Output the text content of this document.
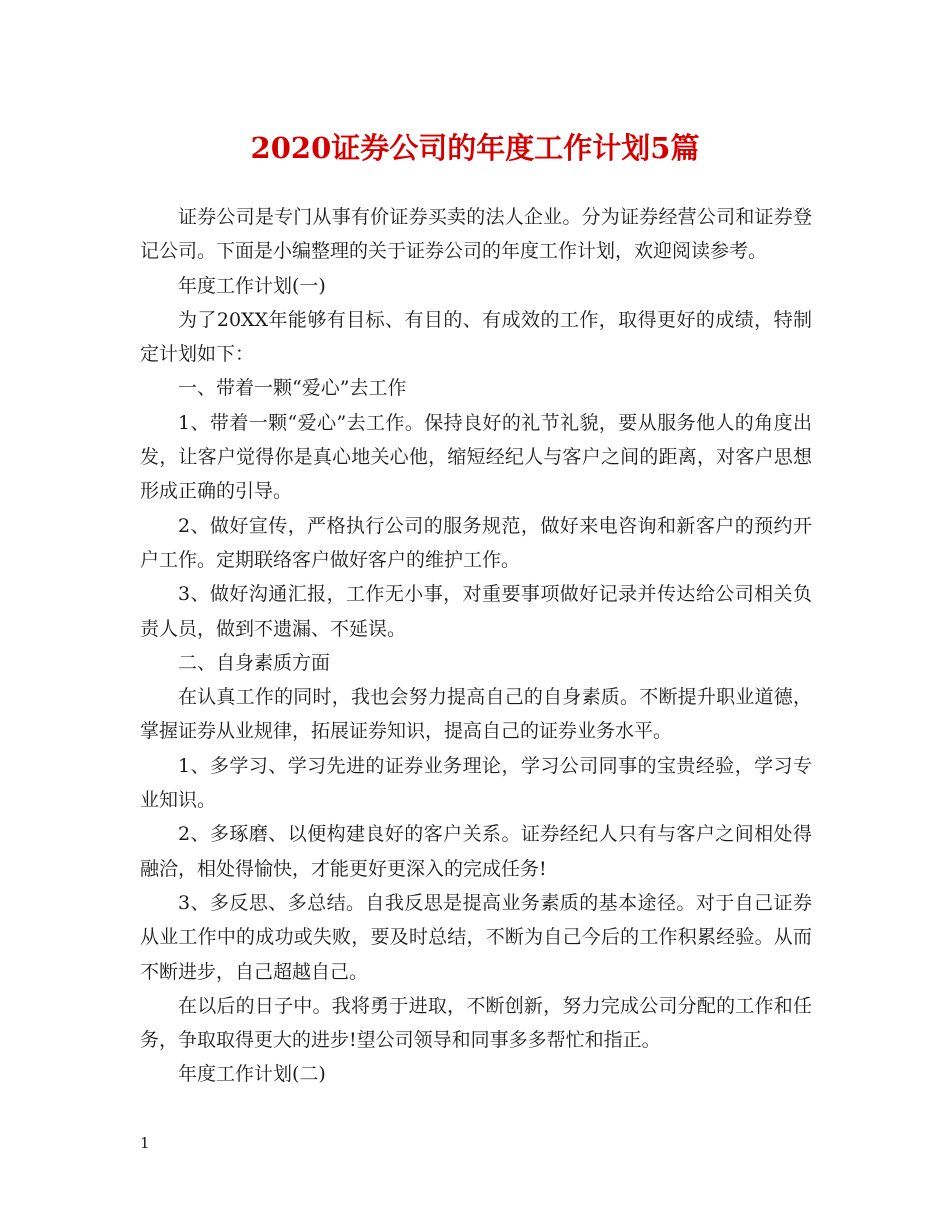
2020证券公司的年度工作计划5篇

证券公司是专门从事有价证券买卖的法人企业。分为证券经营公司和证券登记公司。下面是小编整理的关于证券公司的年度工作计划，欢迎阅读参考。

年度工作计划(一)

为了20XX年能够有目标、有目的、有成效的工作，取得更好的成绩，特制定计划如下：

一、带着一颗“爱心”去工作

1、带着一颗“爱心”去工作。保持良好的礼节礼貌，要从服务他人的角度出发，让客户觉得你是真心地关心他，缩短经纪人与客户之间的距离，对客户思想形成正确的引导。

2、做好宣传，严格执行公司的服务规范，做好来电咨询和新客户的预约开户工作。定期联络客户做好客户的维护工作。

3、做好沟通汇报，工作无小事，对重要事项做好记录并传达给公司相关负责人员，做到不遗漏、不延误。

二、自身素质方面

在认真工作的同时，我也会努力提高自己的自身素质。不断提升职业道德，掌握证券从业规律，拓展证券知识，提高自己的证券业务水平。

1、多学习、学习先进的证券业务理论，学习公司同事的宝贵经验，学习专业知识。

2、多琢磨、以便构建良好的客户关系。证券经纪人只有与客户之间相处得融洽，相处得愉快，才能更好更深入的完成任务!

3、多反思、多总结。自我反思是提高业务素质的基本途径。对于自己证券从业工作中的成功或失败，要及时总结，不断为自己今后的工作积累经验。从而不断进步，自己超越自己。

在以后的日子中。我将勇于进取，不断创新，努力完成公司分配的工作和任务，争取取得更大的进步!望公司领导和同事多多帮忙和指正。

年度工作计划(二)

1
